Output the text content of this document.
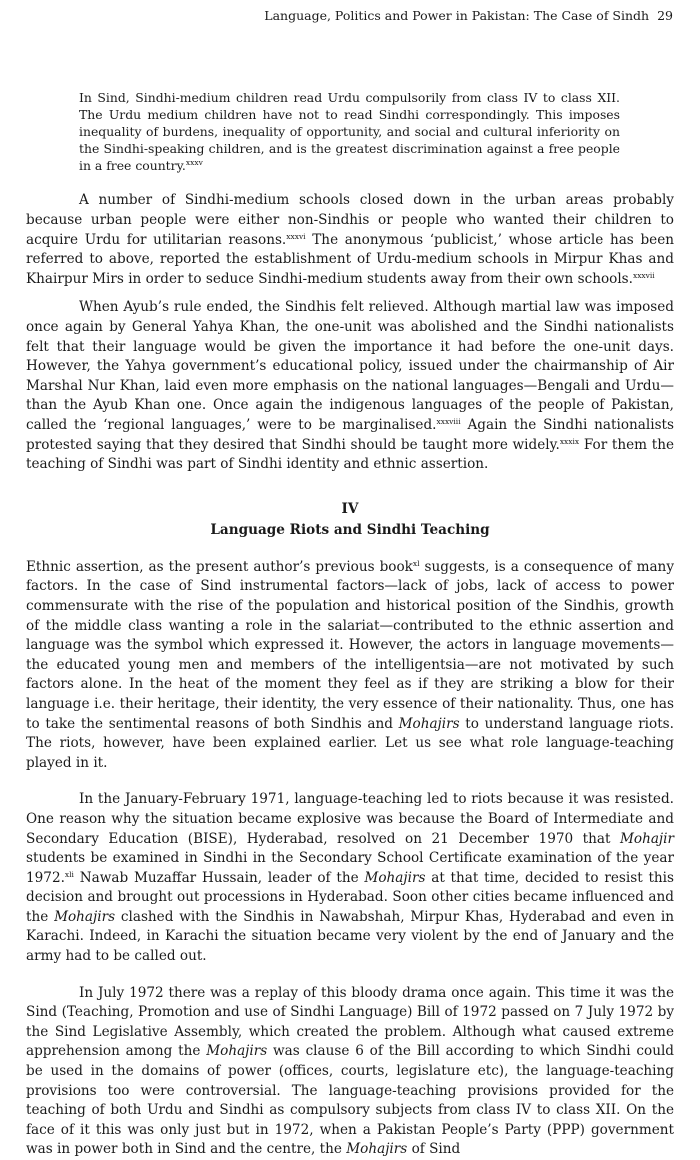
Language, Politics and Power in Pakistan: The Case of Sindh 29
In Sind, Sindhi-medium children read Urdu compulsorily from class IV to class XII. The Urdu medium children have not to read Sindhi correspondingly. This imposes inequality of burdens, inequality of opportunity, and social and cultural inferiority on the Sindhi-speaking children, and is the greatest discrimination against a free people in a free country.$^{xxxv}$

A number of Sindhi-medium schools closed down in the urban areas probably because urban people were either non-Sindhis or people who wanted their children to acquire Urdu for utilitarian reasons.$^{xxxvi}$ The anonymous ‘publicist,’ whose article has been referred to above, reported the establishment of Urdu-medium schools in Mirpur Khas and Khairpur Mirs in order to seduce Sindhi-medium students away from their own schools.$^{xxxvii}$

When Ayub’s rule ended, the Sindhis felt relieved. Although martial law was imposed once again by General Yahya Khan, the one-unit was abolished and the Sindhi nationalists felt that their language would be given the importance it had before the one-unit days. However, the Yahya government’s educational policy, issued under the chairmanship of Air Marshal Nur Khan, laid even more emphasis on the national languages—Bengali and Urdu—than the Ayub Khan one. Once again the indigenous languages of the people of Pakistan, called the ‘regional languages,’ were to be marginalised.$^{xxxviii}$ Again the Sindhi nationalists protested saying that they desired that Sindhi should be taught more widely.$^{xxxix}$ For them the teaching of Sindhi was part of Sindhi identity and ethnic assertion.

IV
Language Riots and Sindhi Teaching

Ethnic assertion, as the present author’s previous book$^{xl}$ suggests, is a consequence of many factors. In the case of Sind instrumental factors—lack of jobs, lack of access to power commensurate with the rise of the population and historical position of the Sindhis, growth of the middle class wanting a role in the salariat—contributed to the ethnic assertion and language was the symbol which expressed it. However, the actors in language movements—the educated young men and members of the intelligentsia—are not motivated by such factors alone. In the heat of the moment they feel as if they are striking a blow for their language i.e. their heritage, their identity, the very essence of their nationality. Thus, one has to take the sentimental reasons of both Sindhis and Mohajirs to understand language riots. The riots, however, have been explained earlier. Let us see what role language-teaching played in it.

In the January-February 1971, language-teaching led to riots because it was resisted. One reason why the situation became explosive was because the Board of Intermediate and Secondary Education (BISE), Hyderabad, resolved on 21 December 1970 that Mohajir students be examined in Sindhi in the Secondary School Certificate examination of the year 1972.$^{xli}$ Nawab Muzaffar Hussain, leader of the Mohajirs at that time, decided to resist this decision and brought out processions in Hyderabad. Soon other cities became influenced and the Mohajirs clashed with the Sindhis in Nawabshah, Mirpur Khas, Hyderabad and even in Karachi. Indeed, in Karachi the situation became very violent by the end of January and the army had to be called out.

In July 1972 there was a replay of this bloody drama once again. This time it was the Sind (Teaching, Promotion and use of Sindhi Language) Bill of 1972 passed on 7 July 1972 by the Sind Legislative Assembly, which created the problem. Although what caused extreme apprehension among the Mohajirs was clause 6 of the Bill according to which Sindhi could be used in the domains of power (offices, courts, legislature etc), the language-teaching provisions too were controversial. The language-teaching provisions provided for the teaching of both Urdu and Sindhi as compulsory subjects from class IV to class XII. On the face of it this was only just but in 1972, when a Pakistan People’s Party (PPP) government was in power both in Sind and the centre, the Mohajirs of Sind
